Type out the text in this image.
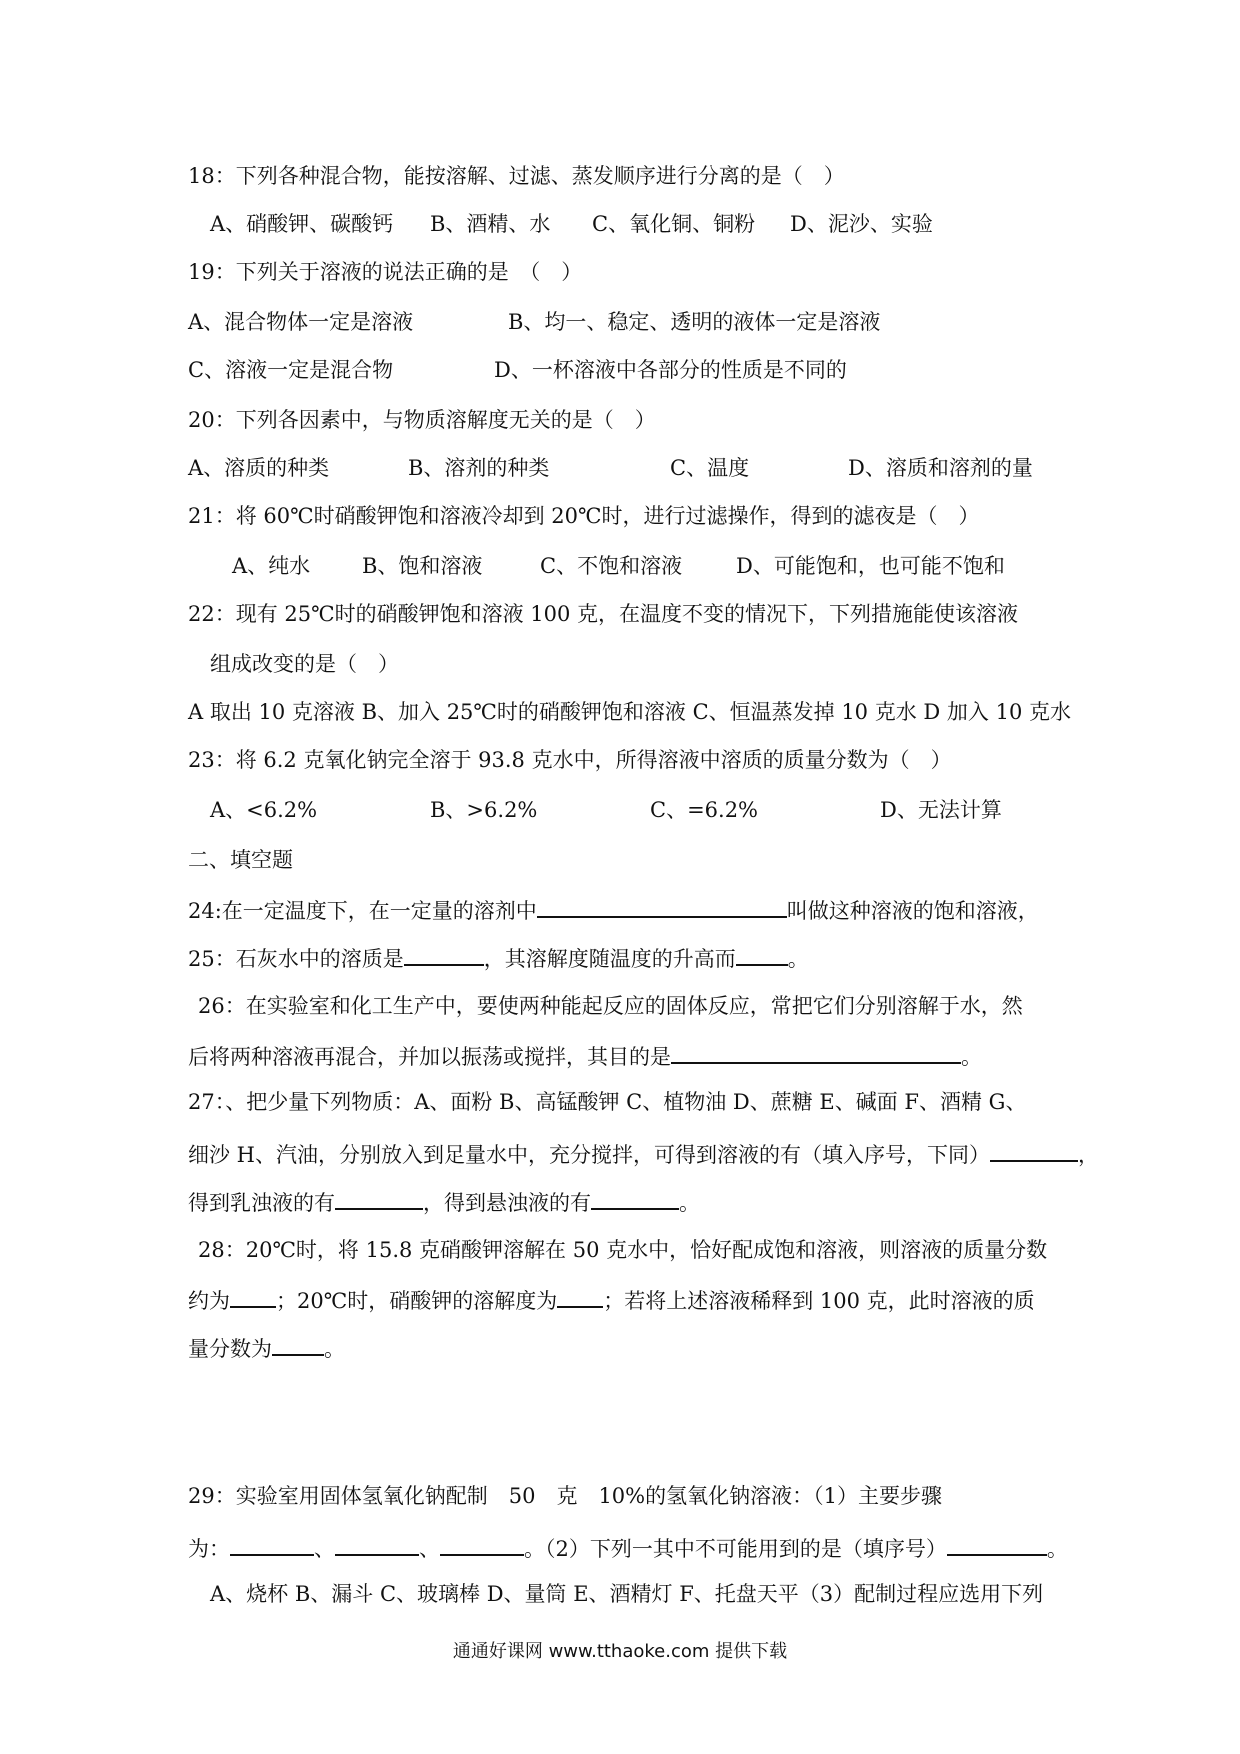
18：下列各种混合物，能按溶解、过滤、蒸发顺序进行分离的是（　）
A、硝酸钾、碳酸钙 B、酒精、水 C、氧化铜、铜粉 D、泥沙、实验
19：下列关于溶液的说法正确的是　（　）
A、混合物体一定是溶液	B、均一、稳定、透明的液体一定是溶液
C、溶液一定是混合物	D、一杯溶液中各部分的性质是不同的
20：下列各因素中，与物质溶解度无关的是（　）
A、溶质的种类	B、溶剂的种类	C、温度	D、溶质和溶剂的量
21：将 60℃时硝酸钾饱和溶液冷却到 20℃时，进行过滤操作，得到的滤夜是（　）
A、纯水 B、饱和溶液	C、不饱和溶液	D、可能饱和，也可能不饱和
22：现有 25℃时的硝酸钾饱和溶液 100 克，在温度不变的情况下，下列措施能使该溶液
组成改变的是（　）
A 取出 10 克溶液 B、加入 25℃时的硝酸钾饱和溶液 C、恒温蒸发掉 10 克水 D 加入 10 克水
23：将 6.2 克氧化钠完全溶于 93.8 克水中，所得溶液中溶质的质量分数为（　）
A、<6.2%	B、>6.2%	C、=6.2%	D、无法计算
二、填空题
24:在一定温度下，在一定量的溶剂中	叫做这种溶液的饱和溶液，
25：石灰水中的溶质是	，其溶解度随温度的升高而 。
26：在实验室和化工生产中，要使两种能起反应的固体反应，常把它们分别溶解于水，然
后将两种溶液再混合，并加以振荡或搅拌，其目的是	。
27：、把少量下列物质：A、面粉 B、高锰酸钾 C、植物油 D、蔗糖 E、碱面 F、酒精 G、
细沙 H、汽油，分别放入到足量水中，充分搅拌，可得到溶液的有（填入序号，下同）	，
得到乳浊液的有	，得到悬浊液的有	。
28：20℃时，将 15.8 克硝酸钾溶解在 50 克水中，恰好配成饱和溶液，则溶液的质量分数
约为 ；20℃时，硝酸钾的溶解度为 ；若将上述溶液稀释到 100 克，此时溶液的质
量分数为 。
29：实验室用固体氢氧化钠配制　50　克　10%的氢氧化钠溶液：（1）主要步骤
为：	、	、	。（2）下列一其中不可能用到的是（填序号）	。
A、烧杯 B、漏斗 C、玻璃棒 D、量筒 E、酒精灯 F、托盘天平（3）配制过程应选用下列
通通好课网 www.tthaoke.com 提供下载
